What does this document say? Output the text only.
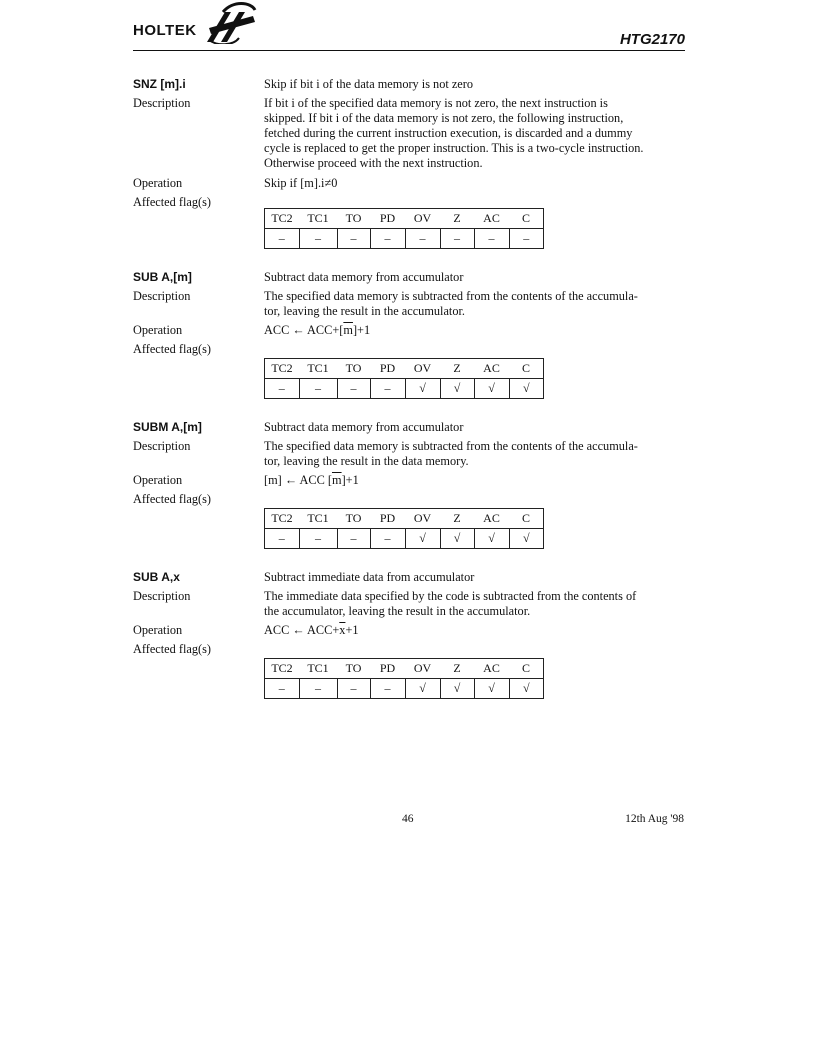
HOLTEK
HTG2170
SNZ [m].i	Skip if bit i of the data memory is not zero
Description	If bit i of the specified data memory is not zero, the next instruction is
skipped. If bit i of the data memory is not zero, the following instruction,
fetched during the current instruction execution, is discarded and a dummy
cycle is replaced to get the proper instruction. This is a two-cycle instruction.
Otherwise proceed with the next instruction.
Operation	Skip if [m].i≠0
Affected flag(s)
TC2	TC1	TO	PD	OV	Z	AC	C
–	–	–	–	–	–	–	–
SUB A,[m]	Subtract data memory from accumulator
Description	The specified data memory is subtracted from the contents of the accumula-
tor, leaving the result in the accumulator.
Operation	ACC ← $ACC+[\overline{m}]+1$
Affected flag(s)
TC2	TC1	TO	PD	OV	Z	AC	C
–	–	–	–	√	√	√	√
SUBM A,[m]	Subtract data memory from accumulator
Description	The specified data memory is subtracted from the contents of the accumula-
tor, leaving the result in the data memory.
Operation	[m] ← ACC $[\overline{m}]+1$
Affected flag(s)
TC2	TC1	TO	PD	OV	Z	AC	C
–	–	–	–	√	√	√	√
SUB A,x	Subtract immediate data from accumulator
Description	The immediate data specified by the code is subtracted from the contents of
the accumulator, leaving the result in the accumulator.
Operation	ACC ← $ACC+\overline{x}+1$
Affected flag(s)
TC2	TC1	TO	PD	OV	Z	AC	C
–	–	–	–	√	√	√	√
46	12th Aug '98
